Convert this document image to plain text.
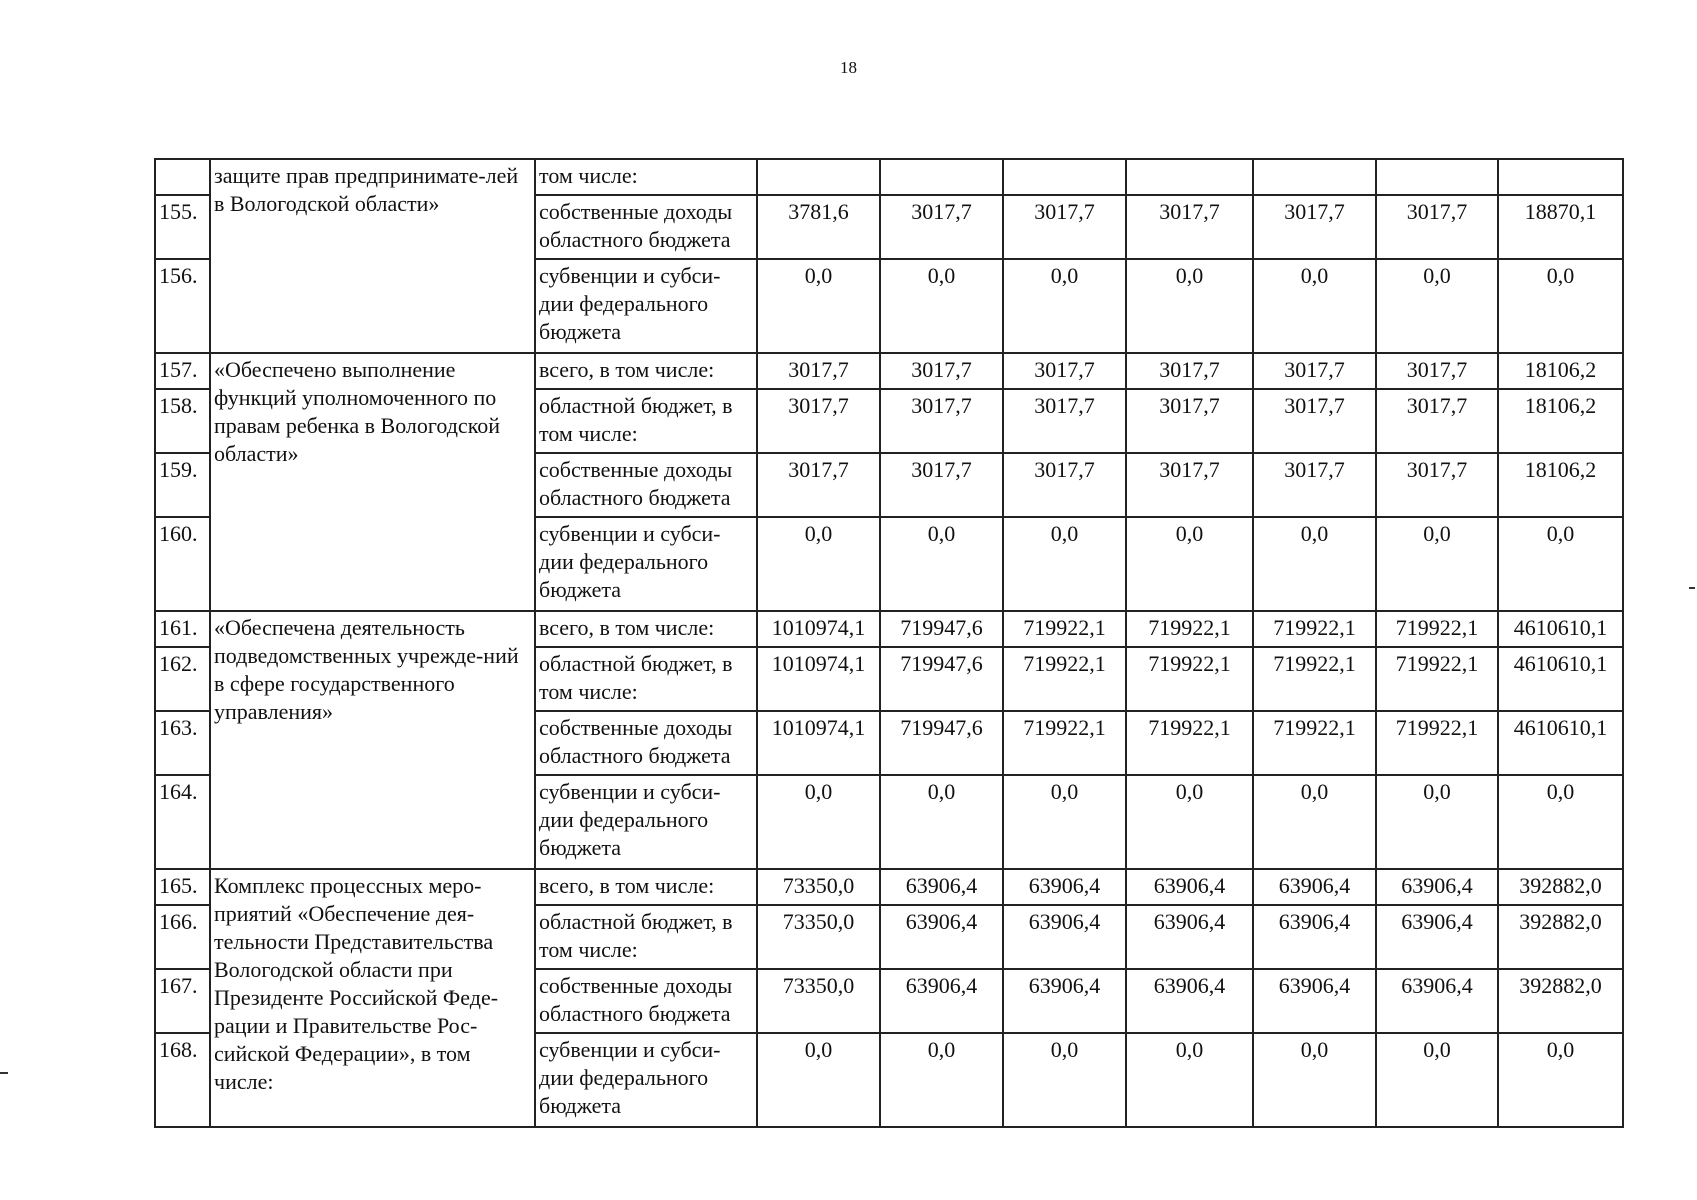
18
	защите прав предпринимате-лей в Вологодской области»	том числе:							
155.		собственные доходы областного бюджета	3781,6	3017,7	3017,7	3017,7	3017,7	3017,7	18870,1
156.		субвенции и субси-дии федерального бюджета	0,0	0,0	0,0	0,0	0,0	0,0	0,0
157.	«Обеспечено выполнение функций уполномоченного по правам ребенка в Вологодской области»	всего, в том числе:	3017,7	3017,7	3017,7	3017,7	3017,7	3017,7	18106,2
158.		областной бюджет, в том числе:	3017,7	3017,7	3017,7	3017,7	3017,7	3017,7	18106,2
159.		собственные доходы областного бюджета	3017,7	3017,7	3017,7	3017,7	3017,7	3017,7	18106,2
160.		субвенции и субси-дии федерального бюджета	0,0	0,0	0,0	0,0	0,0	0,0	0,0
161.	«Обеспечена деятельность подведомственных учрежде-ний в сфере государственного управления»	всего, в том числе:	1010974,1	719947,6	719922,1	719922,1	719922,1	719922,1	4610610,1
162.		областной бюджет, в том числе:	1010974,1	719947,6	719922,1	719922,1	719922,1	719922,1	4610610,1
163.		собственные доходы областного бюджета	1010974,1	719947,6	719922,1	719922,1	719922,1	719922,1	4610610,1
164.		субвенции и субси-дии федерального бюджета	0,0	0,0	0,0	0,0	0,0	0,0	0,0
165.	Комплекс процессных меро-приятий «Обеспечение дея-тельности Представительства Вологодской области при Президенте Российской Феде-рации и Правительстве Рос-сийской Федерации», в том числе:	всего, в том числе:	73350,0	63906,4	63906,4	63906,4	63906,4	63906,4	392882,0
166.		областной бюджет, в том числе:	73350,0	63906,4	63906,4	63906,4	63906,4	63906,4	392882,0
167.		собственные доходы областного бюджета	73350,0	63906,4	63906,4	63906,4	63906,4	63906,4	392882,0
168.		субвенции и субси-дии федерального бюджета	0,0	0,0	0,0	0,0	0,0	0,0	0,0
